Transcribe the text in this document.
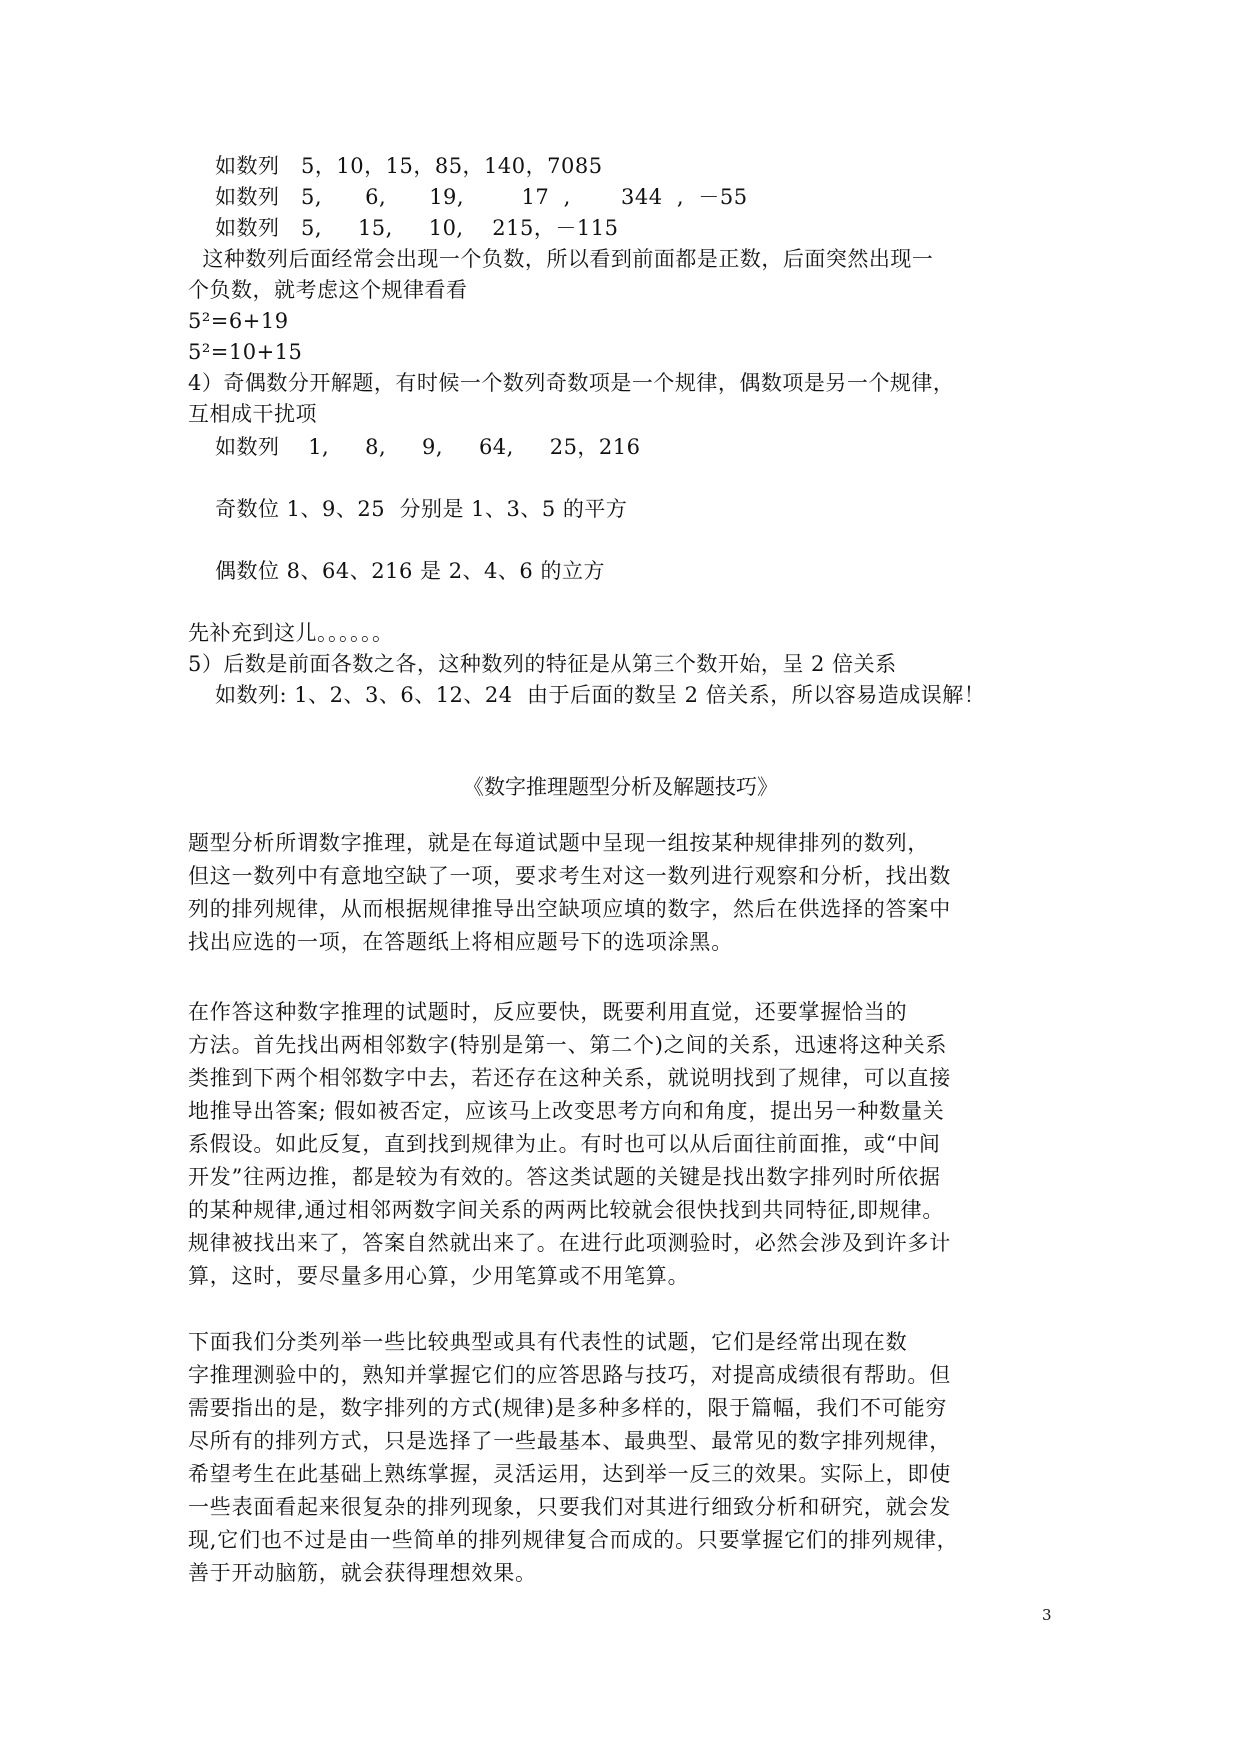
如数列   5，10，15，85，140，7085

如数列   5,      6,      19,        17  ,       344  ,  －55

如数列   5,     15,     10,    215，－115

这种数列后面经常会出现一个负数，所以看到前面都是正数，后面突然出现一

个负数，就考虑这个规律看看

5²=6+19

5²=10+15

4）奇偶数分开解题，有时候一个数列奇数项是一个规律，偶数项是另一个规律，

互相成干扰项

如数列    1,     8,     9,     64,     25，216

奇数位 1、9、25  分别是 1、3、5 的平方

偶数位 8、64、216 是 2、4、6 的立方

先补充到这儿。。。。。。

5）后数是前面各数之各，这种数列的特征是从第三个数开始，呈 2 倍关系

如数列: 1、2、3、6、12、24  由于后面的数呈 2 倍关系，所以容易造成误解！

《数字推理题型分析及解题技巧》

题型分析所谓数字推理，就是在每道试题中呈现一组按某种规律排列的数列，
但这一数列中有意地空缺了一项，要求考生对这一数列进行观察和分析，找出数
列的排列规律，从而根据规律推导出空缺项应填的数字，然后在供选择的答案中
找出应选的一项，在答题纸上将相应题号下的选项涂黑。
在作答这种数字推理的试题时，反应要快，既要利用直觉，还要掌握恰当的
方法。首先找出两相邻数字(特别是第一、第二个)之间的关系，迅速将这种关系
类推到下两个相邻数字中去，若还存在这种关系，就说明找到了规律，可以直接
地推导出答案; 假如被否定，应该马上改变思考方向和角度，提出另一种数量关
系假设。如此反复，直到找到规律为止。有时也可以从后面往前面推，或“中间
开发”往两边推，都是较为有效的。答这类试题的关键是找出数字排列时所依据
的某种规律,通过相邻两数字间关系的两两比较就会很快找到共同特征,即规律。
规律被找出来了，答案自然就出来了。在进行此项测验时，必然会涉及到许多计
算，这时，要尽量多用心算，少用笔算或不用笔算。
下面我们分类列举一些比较典型或具有代表性的试题，它们是经常出现在数
字推理测验中的，熟知并掌握它们的应答思路与技巧，对提高成绩很有帮助。但
需要指出的是，数字排列的方式(规律)是多种多样的，限于篇幅，我们不可能穷
尽所有的排列方式，只是选择了一些最基本、最典型、最常见的数字排列规律，
希望考生在此基础上熟练掌握，灵活运用，达到举一反三的效果。实际上，即使
一些表面看起来很复杂的排列现象，只要我们对其进行细致分析和研究，就会发
现,它们也不过是由一些简单的排列规律复合而成的。只要掌握它们的排列规律，
善于开动脑筋，就会获得理想效果。
3
